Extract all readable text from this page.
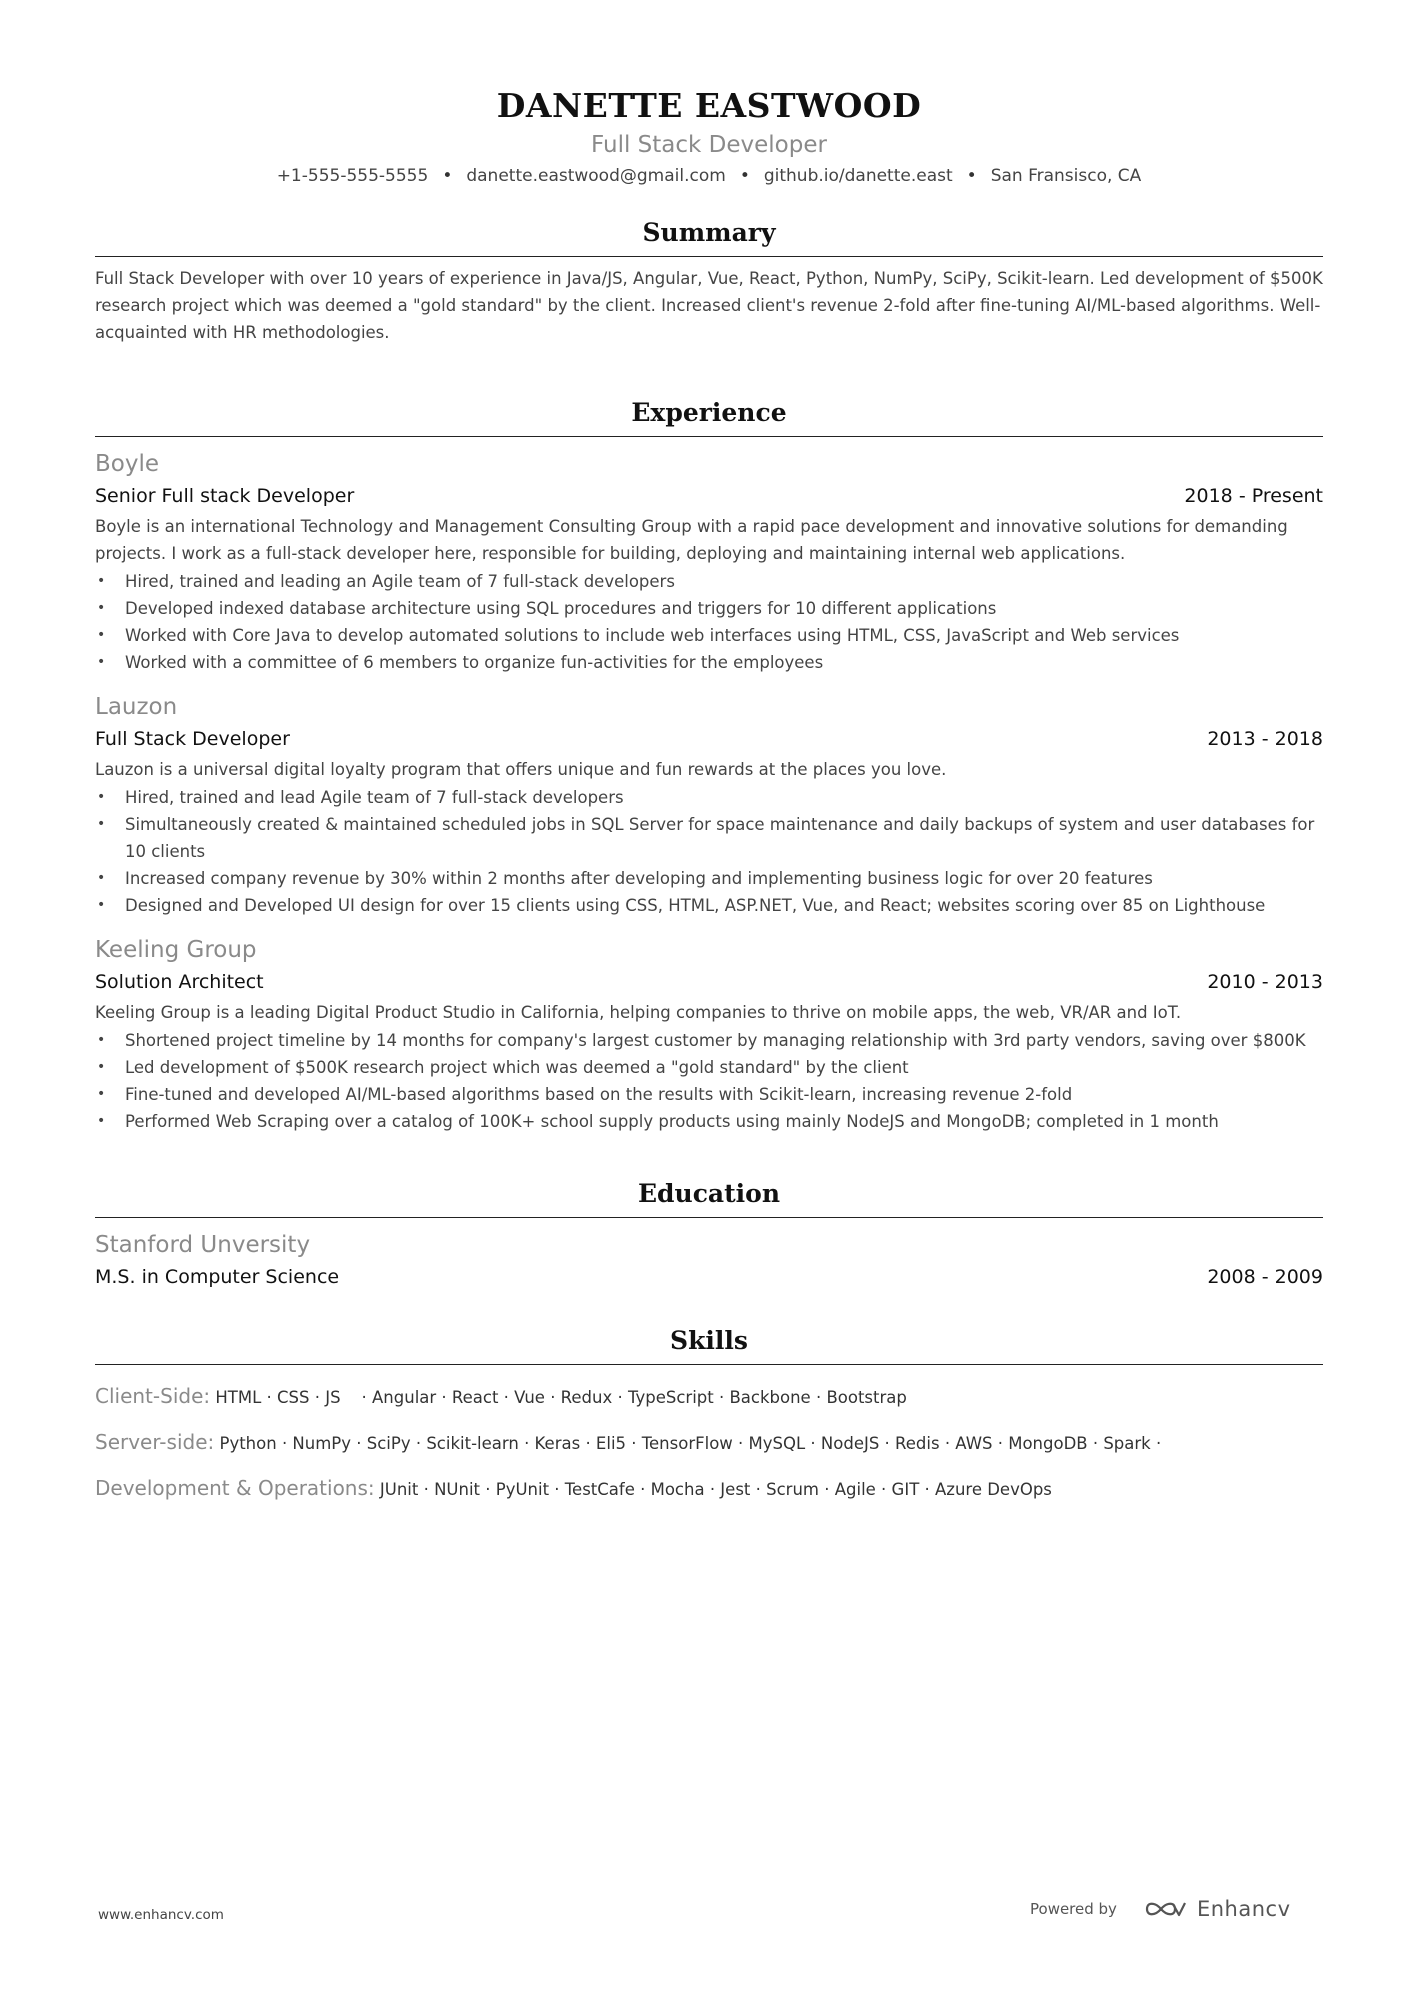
DANETTE EASTWOOD
Full Stack Developer
+1-555-555-5555 • danette.eastwood@gmail.com • github.io/danette.east • San Fransisco, CA
Summary
Full Stack Developer with over 10 years of experience in Java/JS, Angular, Vue, React, Python, NumPy, SciPy, Scikit-learn. Led development of $500K research project which was deemed a "gold standard" by the client. Increased client's revenue 2-fold after fine-tuning AI/ML-based algorithms. Well-acquainted with HR methodologies.
Experience
Boyle
Senior Full stack Developer	2018 - Present
Boyle is an international Technology and Management Consulting Group with a rapid pace development and innovative solutions for demanding projects. I work as a full-stack developer here, responsible for building, deploying and maintaining internal web applications.
• Hired, trained and leading an Agile team of 7 full-stack developers
• Developed indexed database architecture using SQL procedures and triggers for 10 different applications
• Worked with Core Java to develop automated solutions to include web interfaces using HTML, CSS, JavaScript and Web services
• Worked with a committee of 6 members to organize fun-activities for the employees
Lauzon
Full Stack Developer	2013 - 2018
Lauzon is a universal digital loyalty program that offers unique and fun rewards at the places you love.
• Hired, trained and lead Agile team of 7 full-stack developers
• Simultaneously created & maintained scheduled jobs in SQL Server for space maintenance and daily backups of system and user databases for 10 clients
• Increased company revenue by 30% within 2 months after developing and implementing business logic for over 20 features
• Designed and Developed UI design for over 15 clients using CSS, HTML, ASP.NET, Vue, and React; websites scoring over 85 on Lighthouse
Keeling Group
Solution Architect	2010 - 2013
Keeling Group is a leading Digital Product Studio in California, helping companies to thrive on mobile apps, the web, VR/AR and IoT.
• Shortened project timeline by 14 months for company's largest customer by managing relationship with 3rd party vendors, saving over $800K
• Led development of $500K research project which was deemed a "gold standard" by the client
• Fine-tuned and developed AI/ML-based algorithms based on the results with Scikit-learn, increasing revenue 2-fold
• Performed Web Scraping over a catalog of 100K+ school supply products using mainly NodeJS and MongoDB; completed in 1 month
Education
Stanford Unversity
M.S. in Computer Science	2008 - 2009
Skills
Client-Side: HTML · CSS · JS    · Angular · React · Vue · Redux · TypeScript · Backbone · Bootstrap
Server-side: Python · NumPy · SciPy · Scikit-learn · Keras · Eli5 · TensorFlow · MySQL · NodeJS · Redis · AWS · MongoDB · Spark ·
Development & Operations: JUnit · NUnit · PyUnit · TestCafe · Mocha · Jest · Scrum · Agile · GIT · Azure DevOps
www.enhancv.com	Powered by	Enhancv
